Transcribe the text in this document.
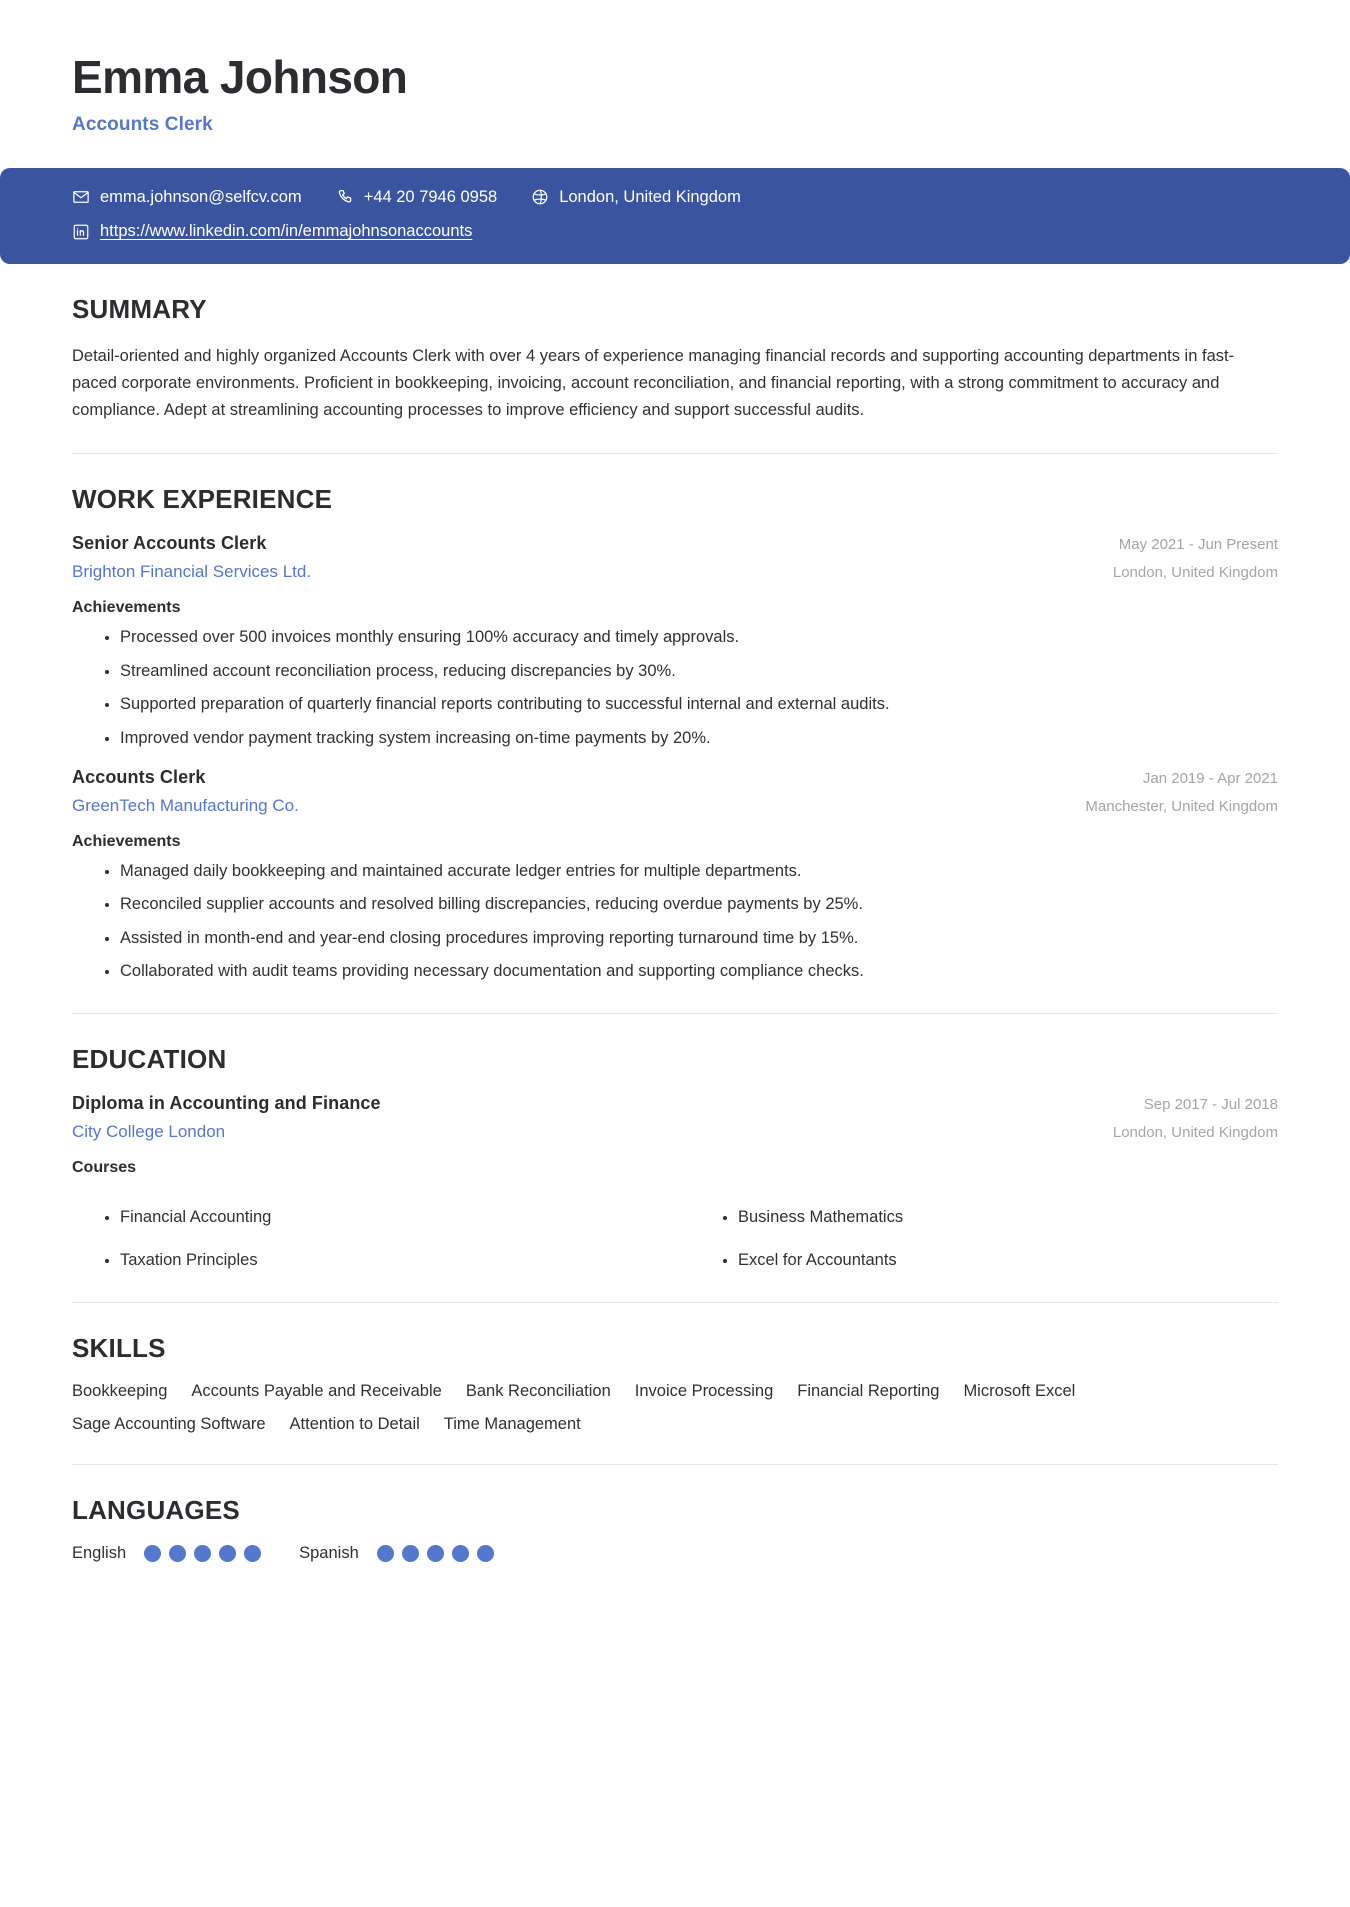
Emma Johnson
Accounts Clerk
emma.johnson@selfcv.com	+44 20 7946 0958	London, United Kingdom
https://www.linkedin.com/in/emmajohnsonaccounts
SUMMARY
Detail-oriented and highly organized Accounts Clerk with over 4 years of experience managing financial records and supporting accounting departments in fast-paced corporate environments. Proficient in bookkeeping, invoicing, account reconciliation, and financial reporting, with a strong commitment to accuracy and compliance. Adept at streamlining accounting processes to improve efficiency and support successful audits.
WORK EXPERIENCE
Senior Accounts Clerk	May 2021 - Jun Present
Brighton Financial Services Ltd.	London, United Kingdom
Achievements
Processed over 500 invoices monthly ensuring 100% accuracy and timely approvals.
Streamlined account reconciliation process, reducing discrepancies by 30%.
Supported preparation of quarterly financial reports contributing to successful internal and external audits.
Improved vendor payment tracking system increasing on-time payments by 20%.
Accounts Clerk	Jan 2019 - Apr 2021
GreenTech Manufacturing Co.	Manchester, United Kingdom
Achievements
Managed daily bookkeeping and maintained accurate ledger entries for multiple departments.
Reconciled supplier accounts and resolved billing discrepancies, reducing overdue payments by 25%.
Assisted in month-end and year-end closing procedures improving reporting turnaround time by 15%.
Collaborated with audit teams providing necessary documentation and supporting compliance checks.
EDUCATION
Diploma in Accounting and Finance	Sep 2017 - Jul 2018
City College London	London, United Kingdom
Courses
Financial Accounting	Business Mathematics
Taxation Principles	Excel for Accountants
SKILLS
Bookkeeping Accounts Payable and Receivable Bank Reconciliation Invoice Processing Financial Reporting Microsoft Excel
Sage Accounting Software Attention to Detail Time Management
LANGUAGES
English	Spanish
